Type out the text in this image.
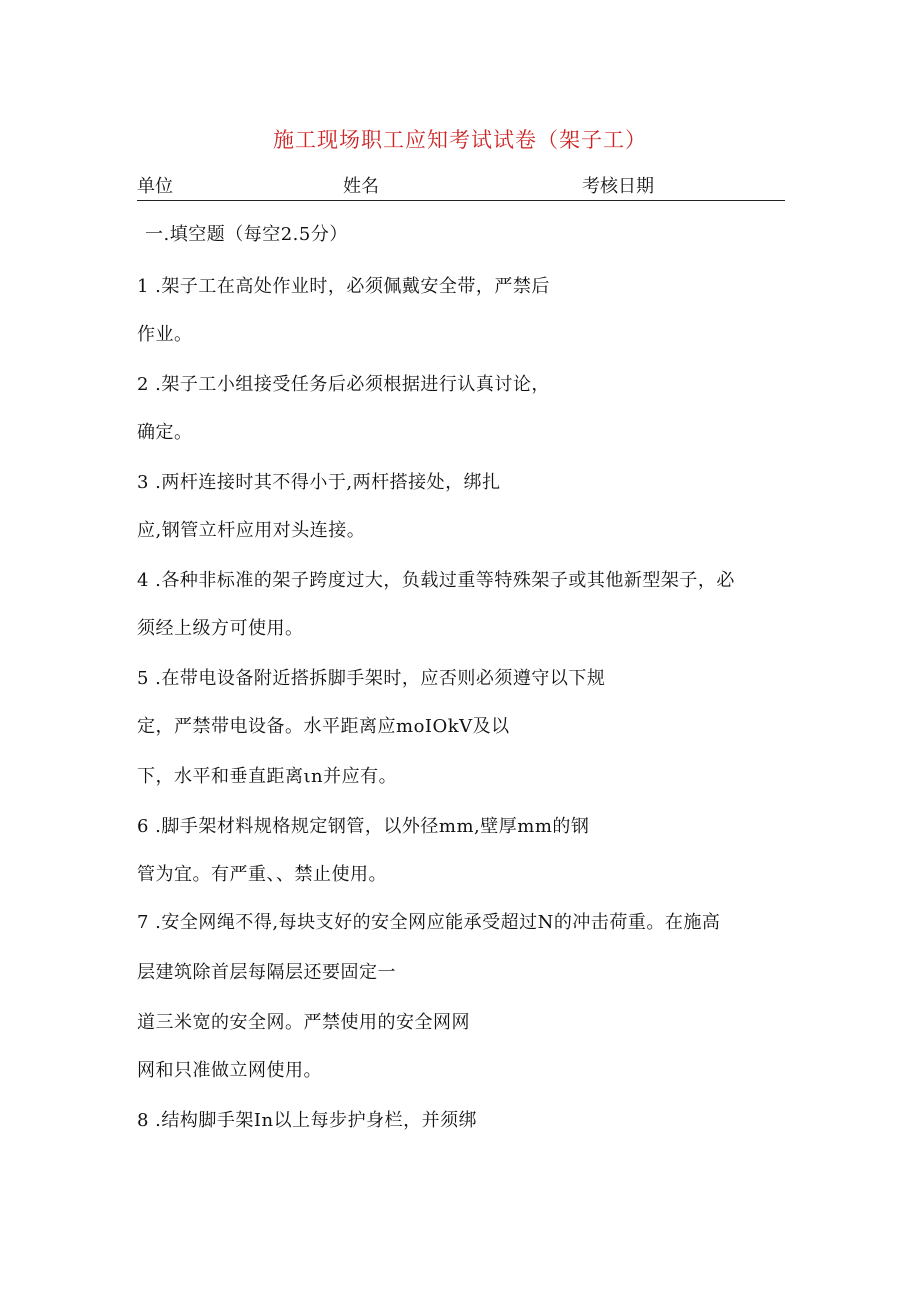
施工现场职工应知考试试卷（架子工）
单位	姓名	考核日期
一.填空题（每空2.5分）
1 .架子工在高处作业时，必须佩戴安全带，严禁后
作业。
2 .架子工小组接受任务后必须根据进行认真讨论，
确定。
3 .两杆连接时其不得小于,两杆搭接处，绑扎
应,钢管立杆应用对头连接。
4 .各种非标准的架子跨度过大，负载过重等特殊架子或其他新型架子，必
须经上级方可使用。
5 .在带电设备附近搭拆脚手架时，应否则必须遵守以下规
定，严禁带电设备。水平距离应moIOkV及以
下，水平和垂直距离ιn并应有。
6 .脚手架材料规格规定钢管，以外径mm,壁厚mm的钢
管为宜。有严重、、禁止使用。
7 .安全网绳不得,每块支好的安全网应能承受超过N的冲击荷重。在施高
层建筑除首层每隔层还要固定一
道三米宽的安全网。严禁使用的安全网网
网和只准做立网使用。
8 .结构脚手架In以上每步护身栏，并须绑
